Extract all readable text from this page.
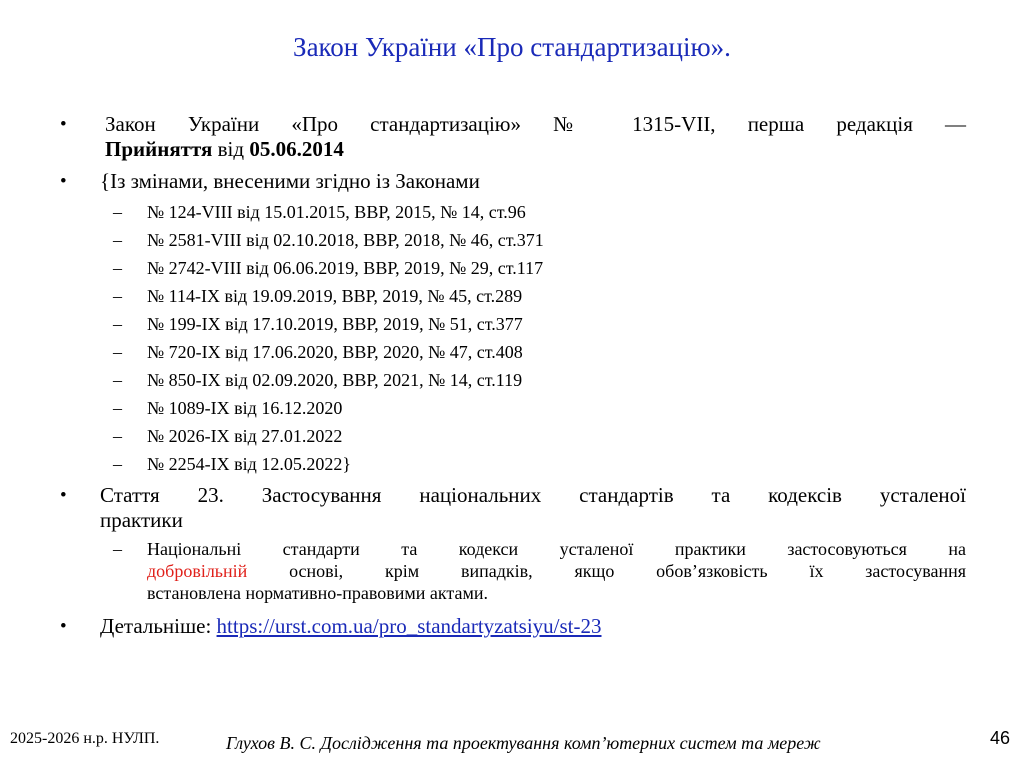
Закон України «Про стандартизацію».
•	Закон України «Про стандартизацію» № 1315-VII, перша редакція —
Прийняття від 05.06.2014
•	{Із змінами, внесеними згідно із Законами
–	№ 124-VIII від 15.01.2015, ВВР, 2015, № 14, ст.96
–	№ 2581-VIII від 02.10.2018, ВВР, 2018, № 46, ст.371
–	№ 2742-VIII від 06.06.2019, ВВР, 2019, № 29, ст.117
–	№ 114-IX від 19.09.2019, ВВР, 2019, № 45, ст.289
–	№ 199-IX від 17.10.2019, ВВР, 2019, № 51, ст.377
–	№ 720-IX від 17.06.2020, ВВР, 2020, № 47, ст.408
–	№ 850-IX від 02.09.2020, ВВР, 2021, № 14, ст.119
–	№ 1089-IX від 16.12.2020
–	№ 2026-IX від 27.01.2022
–	№ 2254-IX від 12.05.2022}
•	Стаття 23. Застосування національних стандартів та кодексів усталеної
практики
–	Національні стандарти та кодекси усталеної практики застосовуються на
добровільній основі, крім випадків, якщо обов’язковість їх застосування
встановлена нормативно-правовими актами.
•	Детальніше: https://urst.com.ua/pro_standartyzatsiyu/st-23
2025-2026 н.р. НУЛП.	Глухов В. С. Дослідження та проектування комп’ютерних систем та мереж	46
